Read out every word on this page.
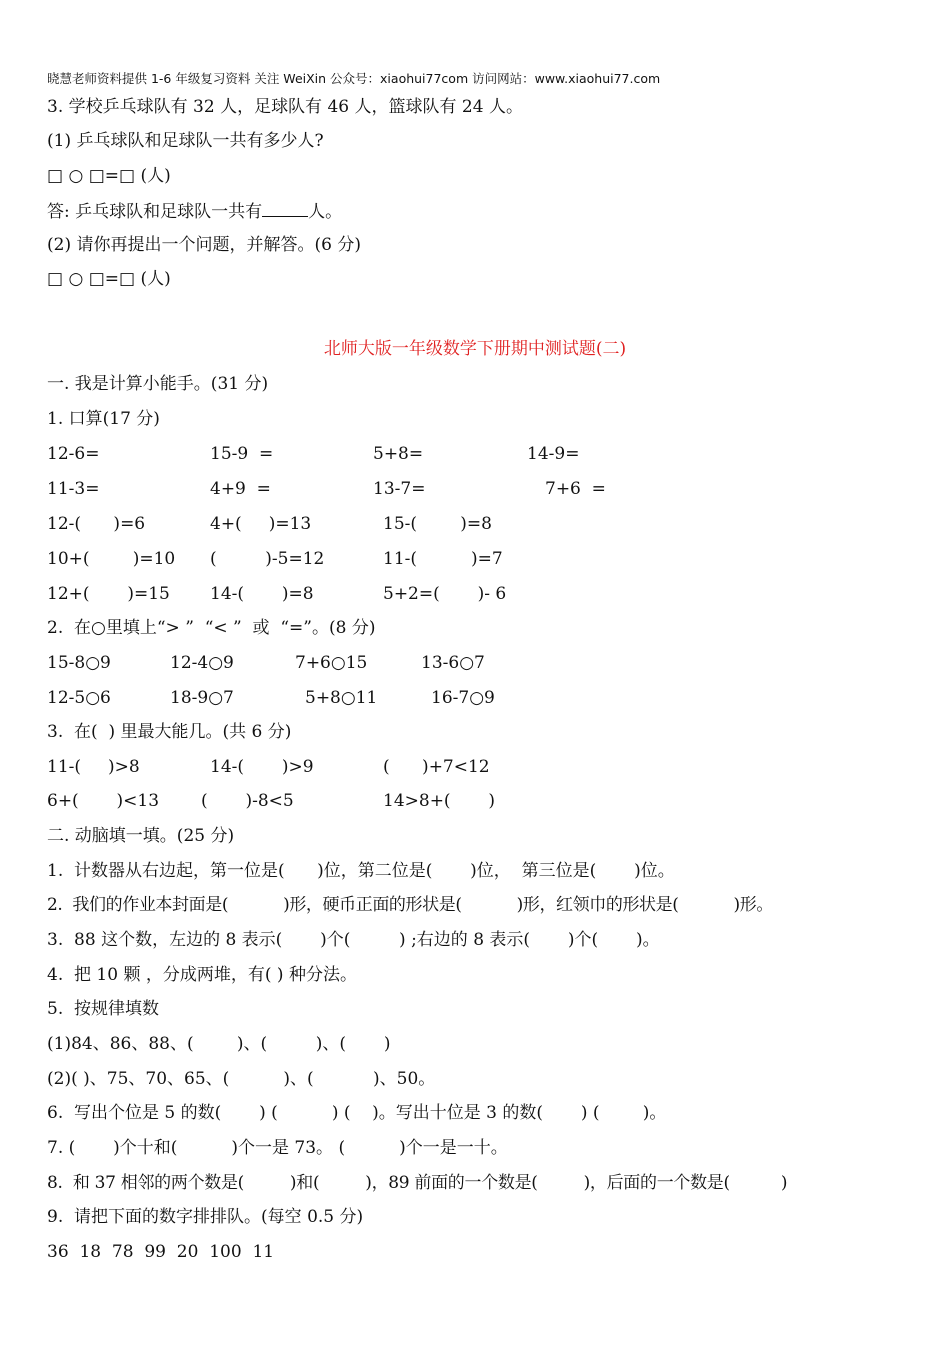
晓慧老师资料提供 1-6 年级复习资料 关注 WeiXin 公众号：xiaohui77com 访问网站：www.xiaohui77.com
3. 学校乒乓球队有 32 人，足球队有 46 人，篮球队有 24 人。
(1) 乒乓球队和足球队一共有多少人?
□ ○ □=□ (人)
答: 乒乓球队和足球队一共有	人。
(2) 请你再提出一个问题，并解答。(6 分)
□ ○ □=□ (人)
北师大版一年级数学下册期中测试题(二)
一. 我是计算小能手。(31 分)
1. 口算(17 分)
12-6=	15-9  =	5+8=	14-9=
11-3=	4+9  =	13-7=	7+6  =
12-(      )=6	4+(     )=13	15-(        )=8
10+(        )=10 (         )-5=12	11-(          )=7
12+(       )=15 14-(       )=8	5+2=(       )- 6
2.  在○里填上“> ”  “< ”  或  “=”。(8 分)
15-8○9	12-4○9	7+6○15	13-6○7
12-5○6	18-9○7	5+8○11	16-7○9
3.  在(  ) 里最大能几。(共 6 分)
11-(     )>8	14-(       )>9	(      )+7<12
6+(       )<13 (       )-8<5	14>8+(       )
二. 动脑填一填。(25 分)
1.  计数器从右边起，第一位是(      )位，第二位是(       )位，  第三位是(       )位。
2.  我们的作业本封面是(           )形，硬币正面的形状是(           )形，红领巾的形状是(           )形。
3.  88 这个数，左边的 8 表示(       )个(         ) ;右边的 8 表示(       )个(       )。
4.  把 10 颗 ，分成两堆，有( ) 种分法。
5.  按规律填数
(1)84、86、88、(        )、(         )、(       )
(2)( )、75、70、65、(          )、(           )、50。
6.  写出个位是 5 的数(       ) (          ) (    )。写出十位是 3 的数(       ) (        )。
7. (       )个十和(          )个一是 73。 (          )个一是一十。
8.  和 37 相邻的两个数是(         )和(         )，89 前面的一个数是(         )，后面的一个数是(          )
9.  请把下面的数字排排队。(每空 0.5 分)
36  18  78  99  20  100  11
